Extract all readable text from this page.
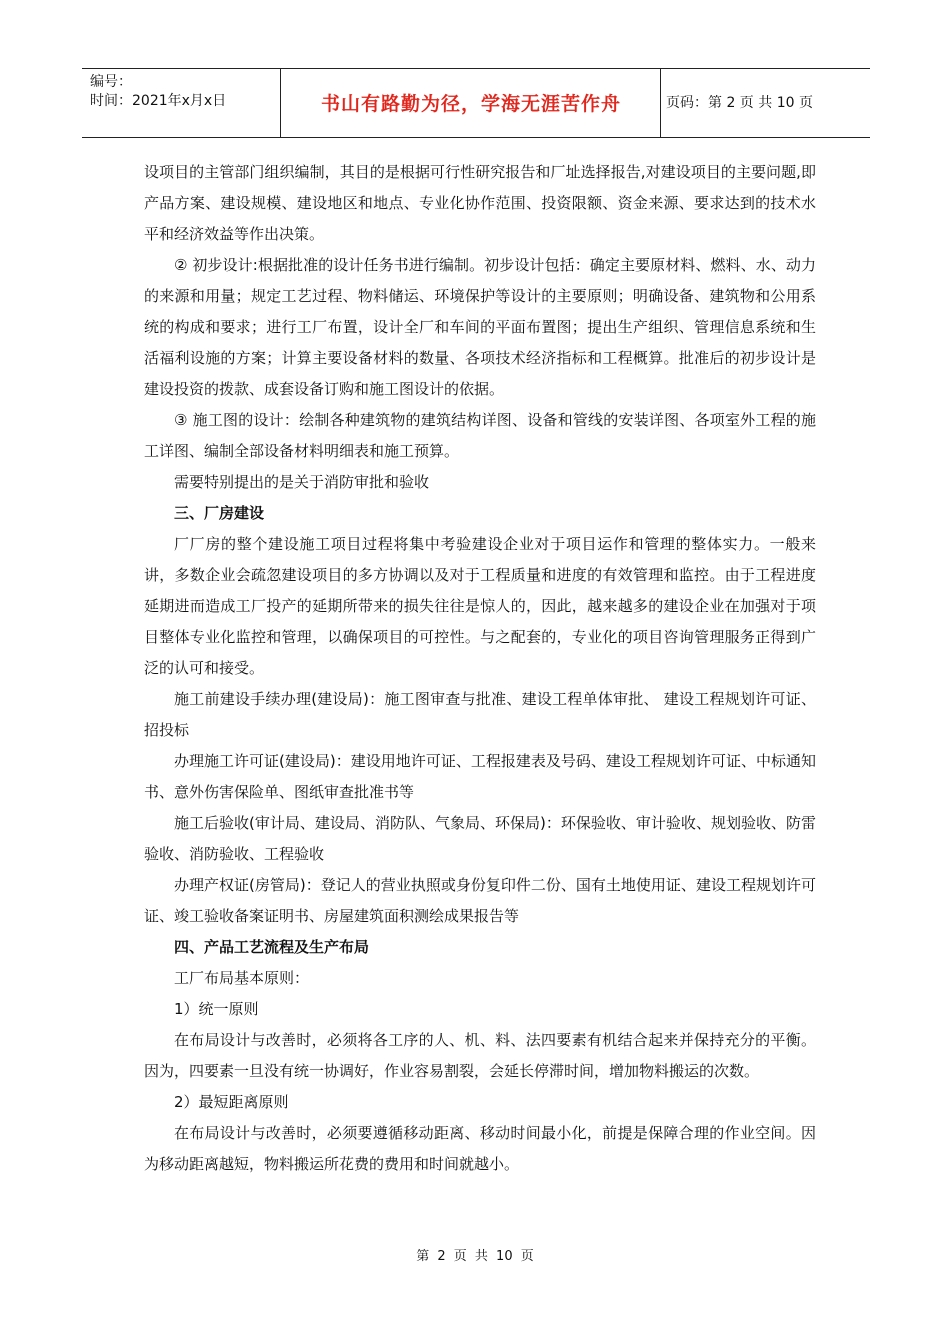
编号：
时间：2021年x月x日	书山有路勤为径，学海无涯苦作舟	页码：第 2 页 共 10 页

设项目的主管部门组织编制，其目的是根据可行性研究报告和厂址选择报告,对建设项目的主要问题,即产品方案、建设规模、建设地区和地点、专业化协作范围、投资限额、资金来源、要求达到的技术水平和经济效益等作出决策。

② 初步设计:根据批准的设计任务书进行编制。初步设计包括：确定主要原材料、燃料、水、动力的来源和用量；规定工艺过程、物料储运、环境保护等设计的主要原则；明确设备、建筑物和公用系统的构成和要求；进行工厂布置，设计全厂和车间的平面布置图；提出生产组织、管理信息系统和生活福利设施的方案；计算主要设备材料的数量、各项技术经济指标和工程概算。批准后的初步设计是建设投资的拨款、成套设备订购和施工图设计的依据。

③ 施工图的设计：绘制各种建筑物的建筑结构详图、设备和管线的安装详图、各项室外工程的施工详图、编制全部设备材料明细表和施工预算。

需要特别提出的是关于消防审批和验收

三、厂房建设

厂厂房的整个建设施工项目过程将集中考验建设企业对于项目运作和管理的整体实力。一般来讲，多数企业会疏忽建设项目的多方协调以及对于工程质量和进度的有效管理和监控。由于工程进度延期进而造成工厂投产的延期所带来的损失往往是惊人的，因此，越来越多的建设企业在加强对于项目整体专业化监控和管理，以确保项目的可控性。与之配套的，专业化的项目咨询管理服务正得到广泛的认可和接受。

施工前建设手续办理(建设局)：施工图审查与批准、建设工程单体审批、 建设工程规划许可证、招投标

办理施工许可证(建设局)：建设用地许可证、工程报建表及号码、建设工程规划许可证、中标通知书、意外伤害保险单、图纸审查批准书等

施工后验收(审计局、建设局、消防队、气象局、环保局)：环保验收、审计验收、规划验收、防雷验收、消防验收、工程验收

办理产权证(房管局)：登记人的营业执照或身份复印件二份、国有土地使用证、建设工程规划许可证、竣工验收备案证明书、房屋建筑面积测绘成果报告等

四、产品工艺流程及生产布局

工厂布局基本原则：

1）统一原则

在布局设计与改善时，必须将各工序的人、机、料、法四要素有机结合起来并保持充分的平衡。因为，四要素一旦没有统一协调好，作业容易割裂，会延长停滞时间，增加物料搬运的次数。

2）最短距离原则

在布局设计与改善时，必须要遵循移动距离、移动时间最小化，前提是保障合理的作业空间。因为移动距离越短，物料搬运所花费的费用和时间就越小。

第 2 页 共 10 页
